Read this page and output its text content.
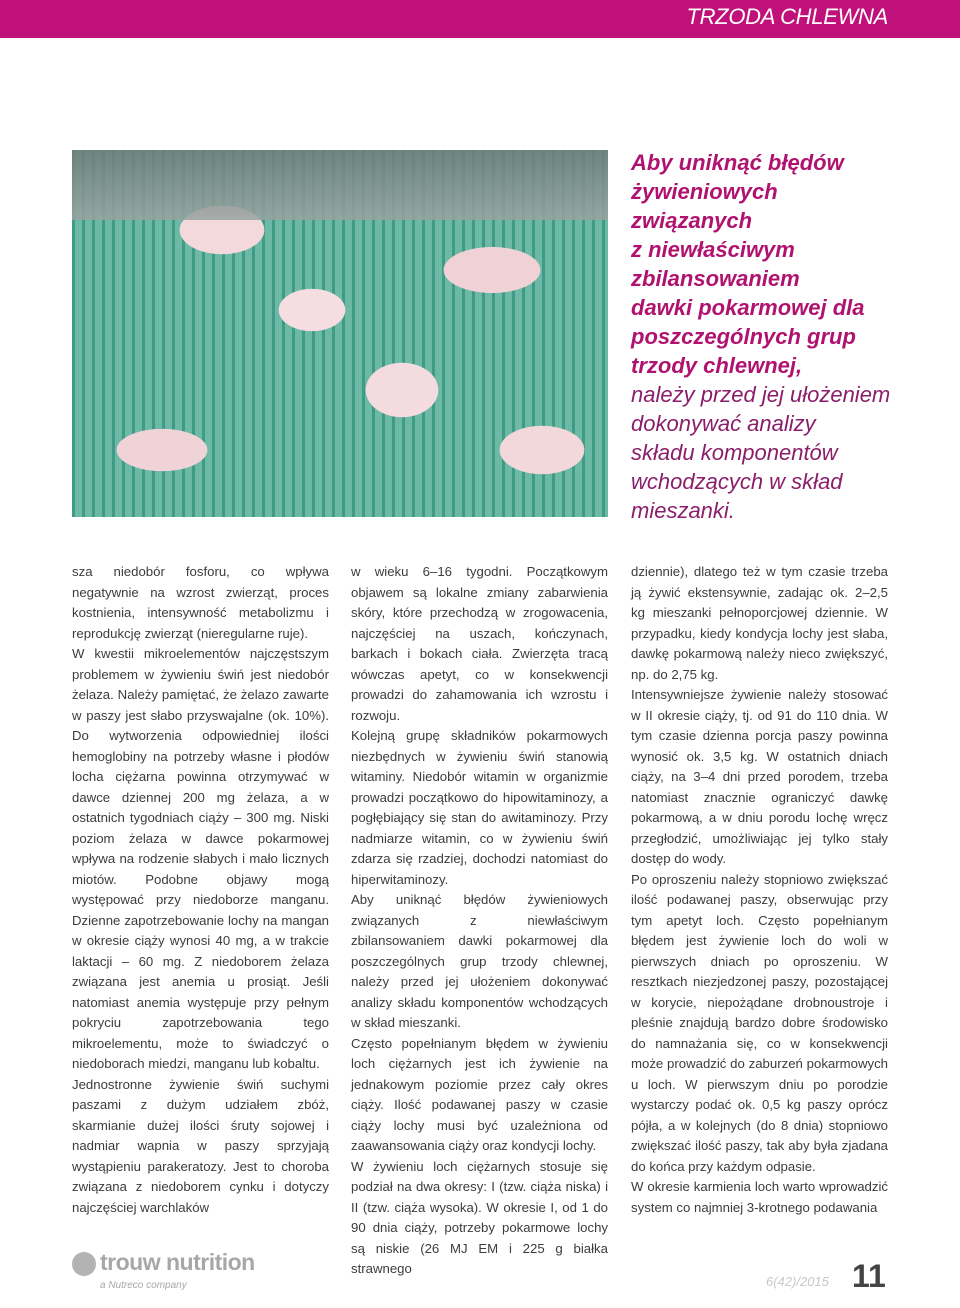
TRZODA CHLEWNA
Aby uniknąć błędów
żywieniowych
związanych
z niewłaściwym
zbilansowaniem
dawki pokarmowej dla
poszczególnych grup
trzody chlewnej,
należy przed jej ułożeniem
dokonywać analizy
składu komponentów
wchodzących w skład
mieszanki.

sza niedobór fosforu, co wpływa negatywnie na wzrost zwierząt, proces kostnienia, intensywność metabolizmu i reprodukcję zwierząt (nieregularne ruje).

W kwestii mikroelementów najczęstszym problemem w żywieniu świń jest niedobór żelaza. Należy pamiętać, że żelazo zawarte w paszy jest słabo przyswajalne (ok. 10%). Do wytworzenia odpowiedniej ilości hemoglobiny na potrzeby własne i płodów locha ciężarna powinna otrzymywać w dawce dziennej 200 mg żelaza, a w ostatnich tygodniach ciąży – 300 mg. Niski poziom żelaza w dawce pokarmowej wpływa na rodzenie słabych i mało licznych miotów. Podobne objawy mogą występować przy niedoborze manganu. Dzienne zapotrzebowanie lochy na mangan w okresie ciąży wynosi 40 mg, a w trakcie laktacji – 60 mg. Z niedoborem żelaza związana jest anemia u prosiąt. Jeśli natomiast anemia występuje przy pełnym pokryciu zapotrzebowania tego mikroelementu, może to świadczyć o niedoborach miedzi, manganu lub kobaltu.

Jednostronne żywienie świń suchymi paszami z dużym udziałem zbóż, skarmianie dużej ilości śruty sojowej i nadmiar wapnia w paszy sprzyjają wystąpieniu parakeratozy. Jest to choroba związana z niedoborem cynku i dotyczy najczęściej warchlaków

w wieku 6–16 tygodni. Początkowym objawem są lokalne zmiany zabarwienia skóry, które przechodzą w zrogowacenia, najczęściej na uszach, kończynach, barkach i bokach ciała. Zwierzęta tracą wówczas apetyt, co w konsekwencji prowadzi do zahamowania ich wzrostu i rozwoju.

Kolejną grupę składników pokarmowych niezbędnych w żywieniu świń stanowią witaminy. Niedobór witamin w organizmie prowadzi początkowo do hipowitaminozy, a pogłębiający się stan do awitaminozy. Przy nadmiarze witamin, co w żywieniu świń zdarza się rzadziej, dochodzi natomiast do hiperwitaminozy.

Aby uniknąć błędów żywieniowych związanych z niewłaściwym zbilansowaniem dawki pokarmowej dla poszczególnych grup trzody chlewnej, należy przed jej ułożeniem dokonywać analizy składu komponentów wchodzących w skład mieszanki.

Często popełnianym błędem w żywieniu loch ciężarnych jest ich żywienie na jednakowym poziomie przez cały okres ciąży. Ilość podawanej paszy w czasie ciąży lochy musi być uzależniona od zaawansowania ciąży oraz kondycji lochy.

W żywieniu loch ciężarnych stosuje się podział na dwa okresy: I (tzw. ciąża niska) i II (tzw. ciąża wysoka). W okresie I, od 1 do 90 dnia ciąży, potrzeby pokarmowe lochy są niskie (26 MJ EM i 225 g białka strawnego

dziennie), dlatego też w tym czasie trzeba ją żywić ekstensywnie, zadając ok. 2–2,5 kg mieszanki pełnoporcjowej dziennie. W przypadku, kiedy kondycja lochy jest słaba, dawkę pokarmową należy nieco zwiększyć, np. do 2,75 kg.

Intensywniejsze żywienie należy stosować w II okresie ciąży, tj. od 91 do 110 dnia. W tym czasie dzienna porcja paszy powinna wynosić ok. 3,5 kg. W ostatnich dniach ciąży, na 3–4 dni przed porodem, trzeba natomiast znacznie ograniczyć dawkę pokarmową, a w dniu porodu lochę wręcz przegłodzić, umożliwiając jej tylko stały dostęp do wody.

Po oproszeniu należy stopniowo zwiększać ilość podawanej paszy, obserwując przy tym apetyt loch. Często popełnianym błędem jest żywienie loch do woli w pierwszych dniach po oproszeniu. W resztkach niezjedzonej paszy, pozostającej w korycie, niepożądane drobnoustroje i pleśnie znajdują bardzo dobre środowisko do namnażania się, co w konsekwencji może prowadzić do zaburzeń pokarmowych u loch. W pierwszym dniu po porodzie wystarczy podać ok. 0,5 kg paszy oprócz pójła, a w kolejnych (do 8 dnia) stopniowo zwiększać ilość paszy, tak aby była zjadana do końca przy każdym odpasie.

W okresie karmienia loch warto wprowadzić system co najmniej 3-krotnego podawania

trouw nutrition
a Nutreco company	6(42)/2015 11
